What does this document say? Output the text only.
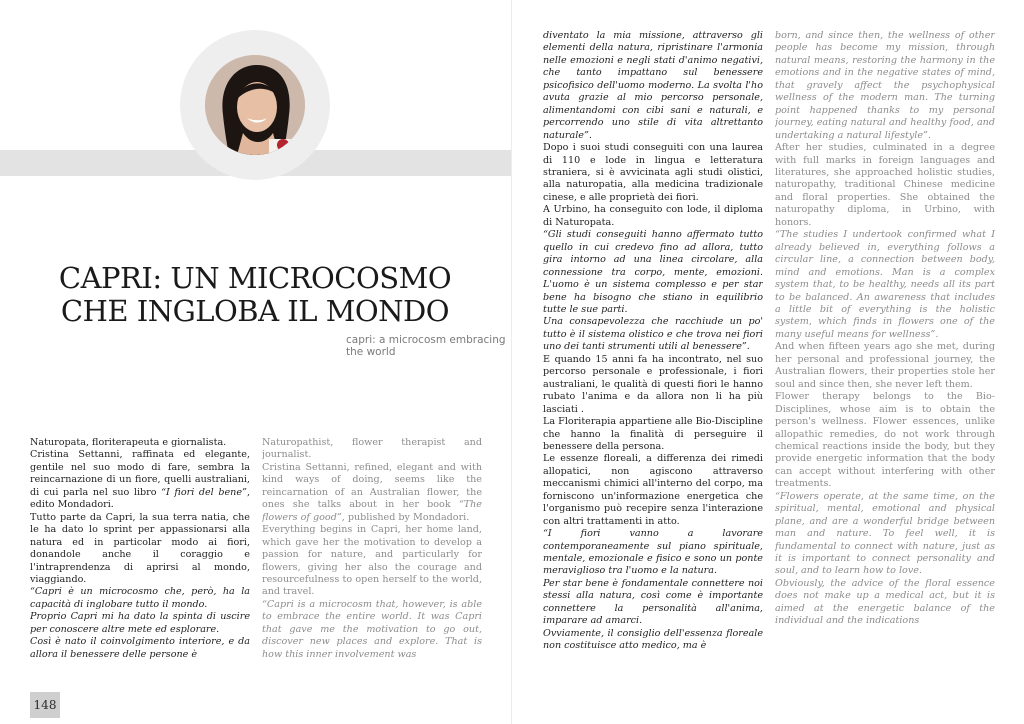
CAPRI: UN MICROCOSMO CHE INGLOBA IL MONDO
capri: a microcosm embracing the world

Naturopata, floriterapeuta e giornalista.

Cristina Settanni, raffinata ed elegante, gentile nel suo modo di fare, sembra la reincarnazione di un fiore, quelli australiani, di cui parla nel suo libro “I fiori del bene”, edito Mondadori.

Tutto parte da Capri, la sua terra natia, che le ha dato lo sprint per appassionarsi alla natura ed in particolar modo ai fiori, donandole anche il coraggio e l'intraprendenza di aprirsi al mondo, viaggiando.

“Capri è un microcosmo che, però, ha la capacità di inglobare tutto il mondo.

Proprio Capri mi ha dato la spinta di uscire per conoscere altre mete ed esplorare.

Così è nato il coinvolgimento interiore, e da allora il benessere delle persone è

Naturopathist, flower therapist and journalist.

Cristina Settanni, refined, elegant and with kind ways of doing, seems like the reincarnation of an Australian flower, the ones she talks about in her book “The flowers of good”, published by Mondadori.

Everything begins in Capri, her home land, which gave her the motivation to develop a passion for nature, and particularly for flowers, giving her also the courage and resourcefulness to open herself to the world, and travel.

“Capri is a microcosm that, however, is able to embrace the entire world. It was Capri that gave me the motivation to go out, discover new places and explore. That is how this inner involvement was

148

diventato la mia missione, attraverso gli elementi della natura, ripristinare l'armonia nelle emozioni e negli stati d'animo negativi, che tanto impattano sul benessere psicofisico dell'uomo moderno. La svolta l'ho avuta grazie al mio percorso personale, alimentandomi con cibi sani e naturali, e percorrendo uno stile di vita altrettanto naturale”.

Dopo i suoi studi conseguiti con una laurea di 110 e lode in lingua e letteratura straniera, si è avvicinata agli studi olistici, alla naturopatia, alla medicina tradizionale cinese, e alle proprietà dei fiori.

A Urbino, ha conseguito con lode, il diploma di Naturopata.

“Gli studi conseguiti hanno affermato tutto quello in cui credevo fino ad allora, tutto gira intorno ad una linea circolare, alla connessione tra corpo, mente, emozioni. L'uomo è un sistema complesso e per star bene ha bisogno che stiano in equilibrio tutte le sue parti.

Una consapevolezza che racchiude un po' tutto è il sistema olistico e che trova nei fiori uno dei tanti strumenti utili al benessere”.

E quando 15 anni fa ha incontrato, nel suo percorso personale e professionale, i fiori australiani, le qualità di questi fiori le hanno rubato l'anima e da allora non li ha più lasciati .

La Floriterapia appartiene alle Bio-Discipline che hanno la finalità di perseguire il benessere della persona.

Le essenze floreali, a differenza dei rimedi allopatici, non agiscono attraverso meccanismi chimici all'interno del corpo, ma forniscono un'informazione energetica che l'organismo può recepire senza l'interazione con altri trattamenti in atto.

“I fiori vanno a lavorare contemporaneamente sul piano spirituale, mentale, emozionale e fisico e sono un ponte meraviglioso tra l'uomo e la natura.

Per star bene è fondamentale connettere noi stessi alla natura, così come è importante connettere la personalità all'anima, imparare ad amarci.

Ovviamente, il consiglio dell'essenza floreale non costituisce atto medico, ma è

born, and since then, the wellness of other people has become my mission, through natural means, restoring the harmony in the emotions and in the negative states of mind, that gravely affect the psychophysical wellness of the modern man. The turning point happened thanks to my personal journey, eating natural and healthy food, and undertaking a natural lifestyle”.

After her studies, culminated in a degree with full marks in foreign languages and literatures, she approached holistic studies, naturopathy, traditional Chinese medicine and floral properties. She obtained the naturopathy diploma, in Urbino, with honors.

“The studies I undertook confirmed what I already believed in, everything follows a circular line, a connection between body, mind and emotions. Man is a complex system that, to be healthy, needs all its part to be balanced. An awareness that includes a little bit of everything is the holistic system, which finds in flowers one of the many useful means for wellness”.

And when fifteen years ago she met, during her personal and professional journey, the Australian flowers, their properties stole her soul and since then, she never left them.

Flower therapy belongs to the Bio-Disciplines, whose aim is to obtain the person's wellness. Flower essences, unlike allopathic remedies, do not work through chemical reactions inside the body, but they provide energetic information that the body can accept without interfering with other treatments.

“Flowers operate, at the same time, on the spiritual, mental, emotional and physical plane, and are a wonderful bridge between man and nature. To feel well, it is fundamental to connect with nature, just as it is important to connect personality and soul, and to learn how to love.

Obviously, the advice of the floral essence does not make up a medical act, but it is aimed at the energetic balance of the individual and the indications
